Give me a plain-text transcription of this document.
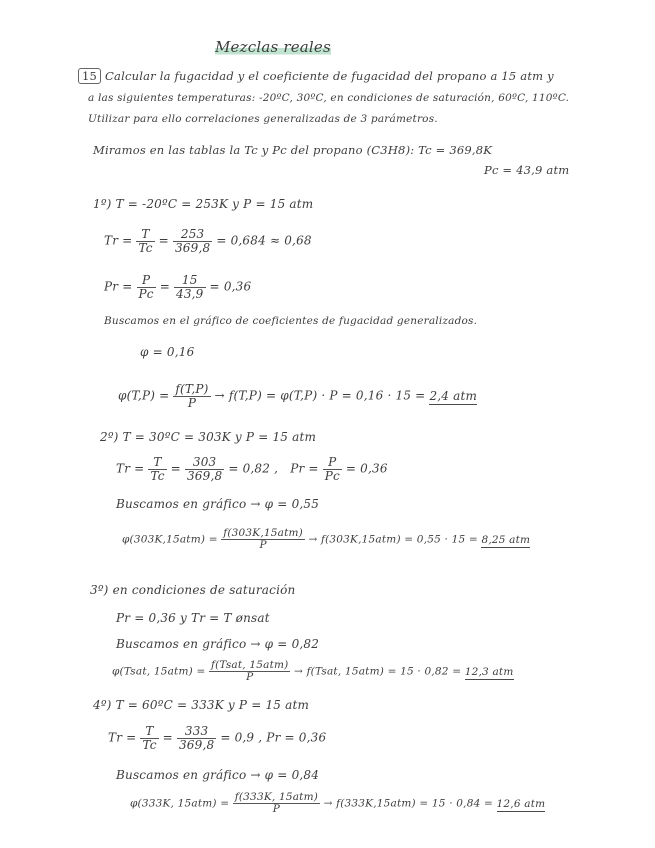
Mezclas reales
15 Calcular la fugacidad y el coeficiente de fugacidad del propano a 15 atm y
a las siguientes temperaturas: -20ºC, 30ºC, en condiciones de saturación, 60ºC, 110ºC.
Utilizar para ello correlaciones generalizadas de 3 parámetros.
Miramos en las tablas la Tc y Pc del propano (C3H8): Tc = 369,8K
Pc = 43,9 atm
1º) T = -20ºC = 253K y P = 15 atm
$Tr = \frac{T}{Tc} = \frac{253}{369,8} = 0,684 \approx 0,68$
$Pr = \frac{P}{Pc} = \frac{15}{43,9} = 0,36$
Buscamos en el gráfico de coeficientes de fugacidad generalizados.
φ = 0,16
$\varphi(T,P) = \frac{f(T,P)}{P} \to f(T,P) = \varphi(T,P) \cdot P = 0,16 \cdot 15 = 2,4$ atm
2º) T = 30ºC = 303K y P = 15 atm
$Tr = \frac{T}{Tc} = \frac{303}{369,8} = 0,82$ , $Pr = \frac{P}{Pc} = 0,36$
Buscamos en gráfico → φ = 0,55
$\varphi(303K,15atm) = \frac{\text{f(303K,15atm)}}{P} \to f(303K,15atm) = 0,55 \cdot 15 = 8,25$ atm
3º) en condiciones de saturación
Pr = 0,36 y Tr = T ønsat
Buscamos en gráfico → φ = 0,82
φ(Tsat, $15atm) = \frac{\text{f(Tsat, 15atm)}}{P}$ → f(Tsat, 15atm) = 15 · 0,82 = 12,3 atm
4º) T = 60ºC = 333K y P = 15 atm
$Tr = \frac{T}{Tc} = \frac{333}{369,8} = 0,9$ , Pr = 0,36
Buscamos en gráfico → φ = 0,84
φ(333K, $15atm) = \frac{\text{f(333K, 15atm)}}{P} \to f(333K,15atm) = 15 \cdot 0,84 = 12,6$ atm
